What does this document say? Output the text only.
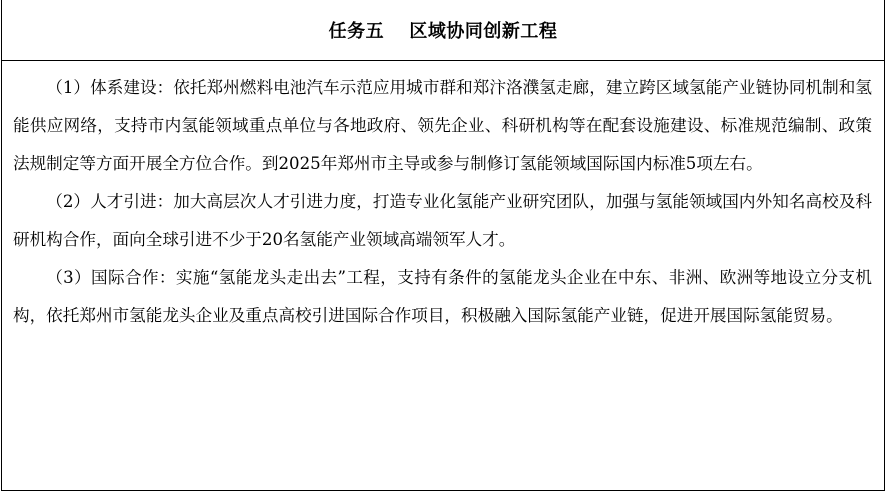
任务五　 区域协同创新工程

（1）体系建设：依托郑州燃料电池汽车示范应用城市群和郑汴洛濮氢走廊，建立跨区域氢能产业链协同机制和氢能供应网络，支持市内氢能领域重点单位与各地政府、领先企业、科研机构等在配套设施建设、标准规范编制、政策法规制定等方面开展全方位合作。到2025年郑州市主导或参与制修订氢能领域国际国内标准5项左右。

（2）人才引进：加大高层次人才引进力度，打造专业化氢能产业研究团队，加强与氢能领域国内外知名高校及科研机构合作，面向全球引进不少于20名氢能产业领域高端领军人才。

（3）国际合作：实施“氢能龙头走出去”工程，支持有条件的氢能龙头企业在中东、非洲、欧洲等地设立分支机构，依托郑州市氢能龙头企业及重点高校引进国际合作项目，积极融入国际氢能产业链，促进开展国际氢能贸易。
